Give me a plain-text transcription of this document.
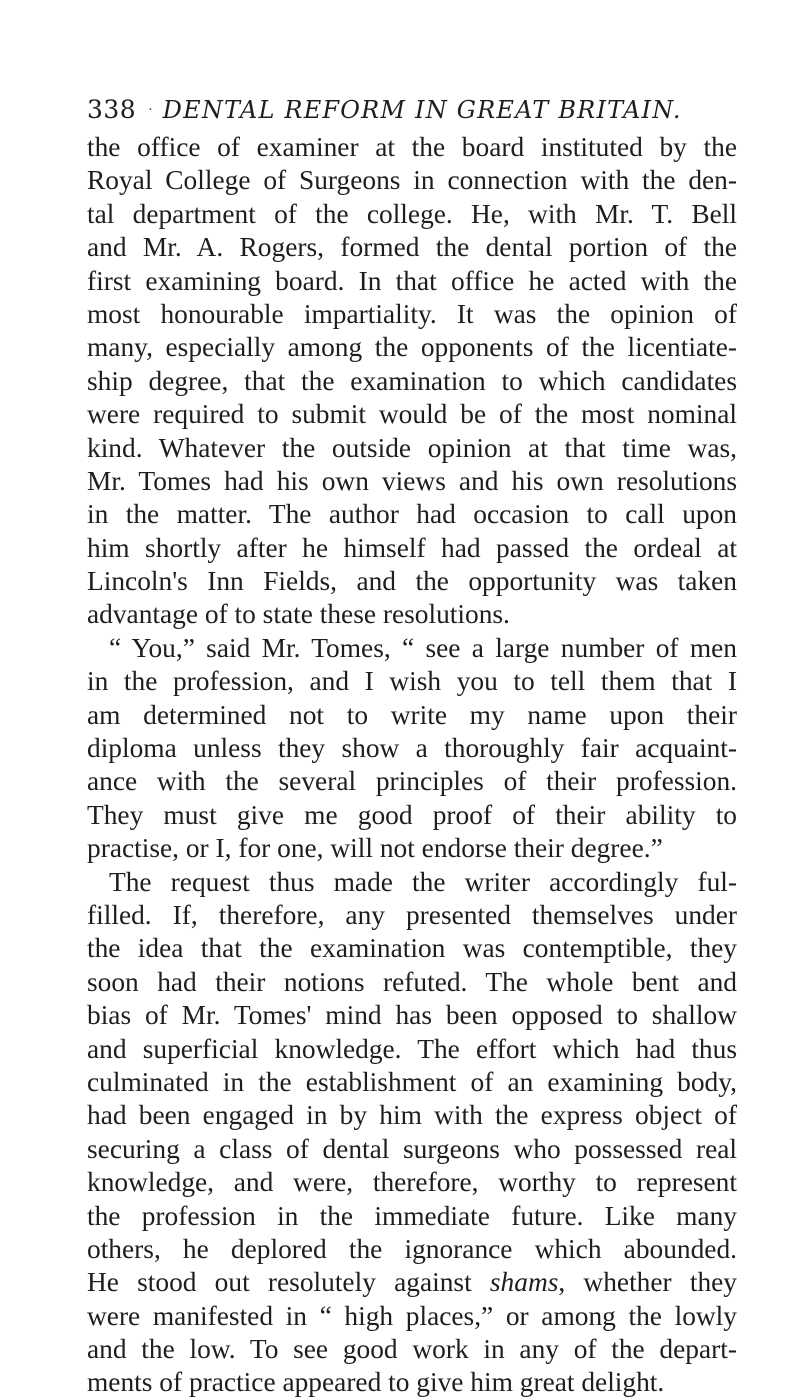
338 · DENTAL REFORM IN GREAT BRITAIN.
the office of examiner at the board instituted by the
Royal College of Surgeons in connection with the den-
tal department of the college. He, with Mr. T. Bell
and Mr. A. Rogers, formed the dental portion of the
first examining board. In that office he acted with the
most honourable impartiality. It was the opinion of
many, especially among the opponents of the licentiate-
ship degree, that the examination to which candidates
were required to submit would be of the most nominal
kind. Whatever the outside opinion at that time was,
Mr. Tomes had his own views and his own resolutions
in the matter. The author had occasion to call upon
him shortly after he himself had passed the ordeal at
Lincoln's Inn Fields, and the opportunity was taken
advantage of to state these resolutions.
“ You,” said Mr. Tomes, “ see a large number of men
in the profession, and I wish you to tell them that I
am determined not to write my name upon their
diploma unless they show a thoroughly fair acquaint-
ance with the several principles of their profession.
They must give me good proof of their ability to
practise, or I, for one, will not endorse their degree.”
The request thus made the writer accordingly ful-
filled. If, therefore, any presented themselves under
the idea that the examination was contemptible, they
soon had their notions refuted. The whole bent and
bias of Mr. Tomes' mind has been opposed to shallow
and superficial knowledge. The effort which had thus
culminated in the establishment of an examining body,
had been engaged in by him with the express object of
securing a class of dental surgeons who possessed real
knowledge, and were, therefore, worthy to represent
the profession in the immediate future. Like many
others, he deplored the ignorance which abounded.
He stood out resolutely against shams, whether they
were manifested in “ high places,” or among the lowly
and the low. To see good work in any of the depart-
ments of practice appeared to give him great delight.
